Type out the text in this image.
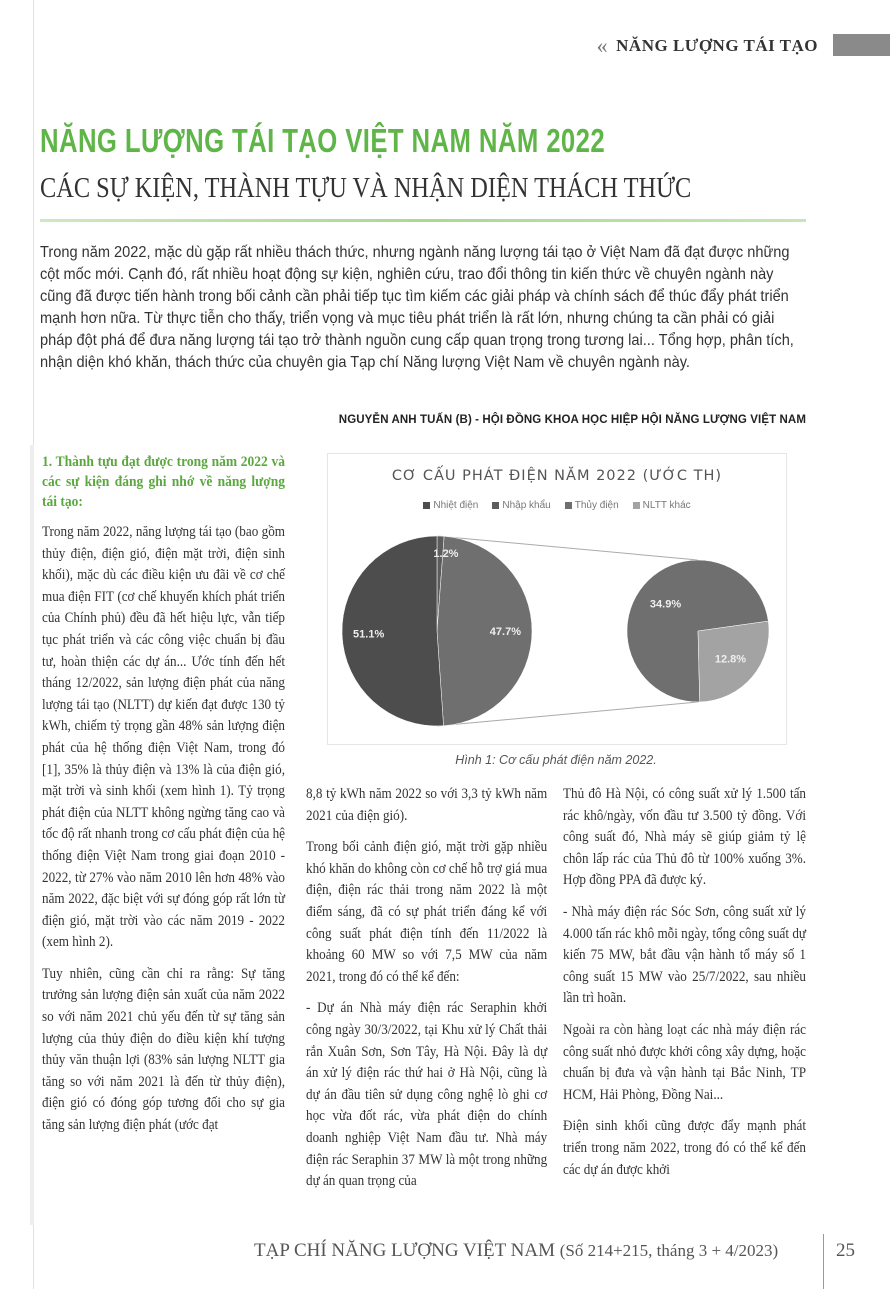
« NĂNG LƯỢNG TÁI TẠO
NĂNG LƯỢNG TÁI TẠO VIỆT NAM NĂM 2022
CÁC SỰ KIỆN, THÀNH TỰU VÀ NHẬN DIỆN THÁCH THỨC
Trong năm 2022, mặc dù gặp rất nhiều thách thức, nhưng ngành năng lượng tái tạo ở Việt Nam đã đạt được những cột mốc mới. Cạnh đó, rất nhiều hoạt động sự kiện, nghiên cứu, trao đổi thông tin kiến thức về chuyên ngành này cũng đã được tiến hành trong bối cảnh cần phải tiếp tục tìm kiếm các giải pháp và chính sách để thúc đẩy phát triển mạnh hơn nữa. Từ thực tiễn cho thấy, triển vọng và mục tiêu phát triển là rất lớn, nhưng chúng ta cần phải có giải pháp đột phá để đưa năng lượng tái tạo trở thành nguồn cung cấp quan trọng trong tương lai... Tổng hợp, phân tích, nhận diện khó khăn, thách thức của chuyên gia Tạp chí Năng lượng Việt Nam về chuyên ngành này.
NGUYỄN ANH TUẤN (B) - HỘI ĐỒNG KHOA HỌC HIỆP HỘI NĂNG LƯỢNG VIỆT NAM
1. Thành tựu đạt được trong năm 2022 và các sự kiện đáng ghi nhớ về năng lượng tái tạo:

Trong năm 2022, năng lượng tái tạo (bao gồm thủy điện, điện gió, điện mặt trời, điện sinh khối), mặc dù các điều kiện ưu đãi về cơ chế mua điện FIT (cơ chế khuyến khích phát triển của Chính phủ) đều đã hết hiệu lực, vẫn tiếp tục phát triển và các công việc chuẩn bị đầu tư, hoàn thiện các dự án... Ước tính đến hết tháng 12/2022, sản lượng điện phát của năng lượng tái tạo (NLTT) dự kiến đạt được 130 tỷ kWh, chiếm tỷ trọng gần 48% sản lượng điện phát của hệ thống điện Việt Nam, trong đó [1], 35% là thủy điện và 13% là của điện gió, mặt trời và sinh khối (xem hình 1). Tỷ trọng phát điện của NLTT không ngừng tăng cao và tốc độ rất nhanh trong cơ cấu phát điện của hệ thống điện Việt Nam trong giai đoạn 2010 - 2022, từ 27% vào năm 2010 lên hơn 48% vào năm 2022, đặc biệt với sự đóng góp rất lớn từ điện gió, mặt trời vào các năm 2019 - 2022 (xem hình 2).

Tuy nhiên, cũng cần chỉ ra rằng: Sự tăng trưởng sản lượng điện sản xuất của năm 2022 so với năm 2021 chủ yếu đến từ sự tăng sản lượng của thủy điện do điều kiện khí tượng thủy văn thuận lợi (83% sản lượng NLTT gia tăng so với năm 2021 là đến từ thủy điện), điện gió có đóng góp tương đối cho sự gia tăng sản lượng điện phát (ước đạt

CƠ CẤU PHÁT ĐIỆN NĂM 2022 (ƯỚC TH)
Nhiệt điện	Nhập khẩu	Thủy điện	NLTT khác
1.2%
47.7%
51.1%
34.9%
12.8%
Hình 1: Cơ cấu phát điện năm 2022.

8,8 tỷ kWh năm 2022 so với 3,3 tỷ kWh năm 2021 của điện gió).

Trong bối cảnh điện gió, mặt trời gặp nhiều khó khăn do không còn cơ chế hỗ trợ giá mua điện, điện rác thải trong năm 2022 là một điểm sáng, đã có sự phát triển đáng kể với công suất phát điện tính đến 11/2022 là khoảng 60 MW so với 7,5 MW của năm 2021, trong đó có thể kể đến:

- Dự án Nhà máy điện rác Seraphin khởi công ngày 30/3/2022, tại Khu xử lý Chất thải rắn Xuân Sơn, Sơn Tây, Hà Nội. Đây là dự án xử lý điện rác thứ hai ở Hà Nội, cũng là dự án đầu tiên sử dụng công nghệ lò ghi cơ học vừa đốt rác, vừa phát điện do chính doanh nghiệp Việt Nam đầu tư. Nhà máy điện rác Seraphin 37 MW là một trong những dự án quan trọng của

Thủ đô Hà Nội, có công suất xử lý 1.500 tấn rác khô/ngày, vốn đầu tư 3.500 tỷ đồng. Với công suất đó, Nhà máy sẽ giúp giảm tỷ lệ chôn lấp rác của Thủ đô từ 100% xuống 3%. Hợp đồng PPA đã được ký.

- Nhà máy điện rác Sóc Sơn, công suất xử lý 4.000 tấn rác khô mỗi ngày, tổng công suất dự kiến 75 MW, bắt đầu vận hành tổ máy số 1 công suất 15 MW vào 25/7/2022, sau nhiều lần trì hoãn.

Ngoài ra còn hàng loạt các nhà máy điện rác công suất nhỏ được khởi công xây dựng, hoặc chuẩn bị đưa và vận hành tại Bắc Ninh, TP HCM, Hải Phòng, Đồng Nai...

Điện sinh khối cũng được đẩy mạnh phát triển trong năm 2022, trong đó có thể kể đến các dự án được khởi

TẠP CHÍ NĂNG LƯỢNG VIỆT NAM (Số 214+215, tháng 3 + 4/2023)	25
